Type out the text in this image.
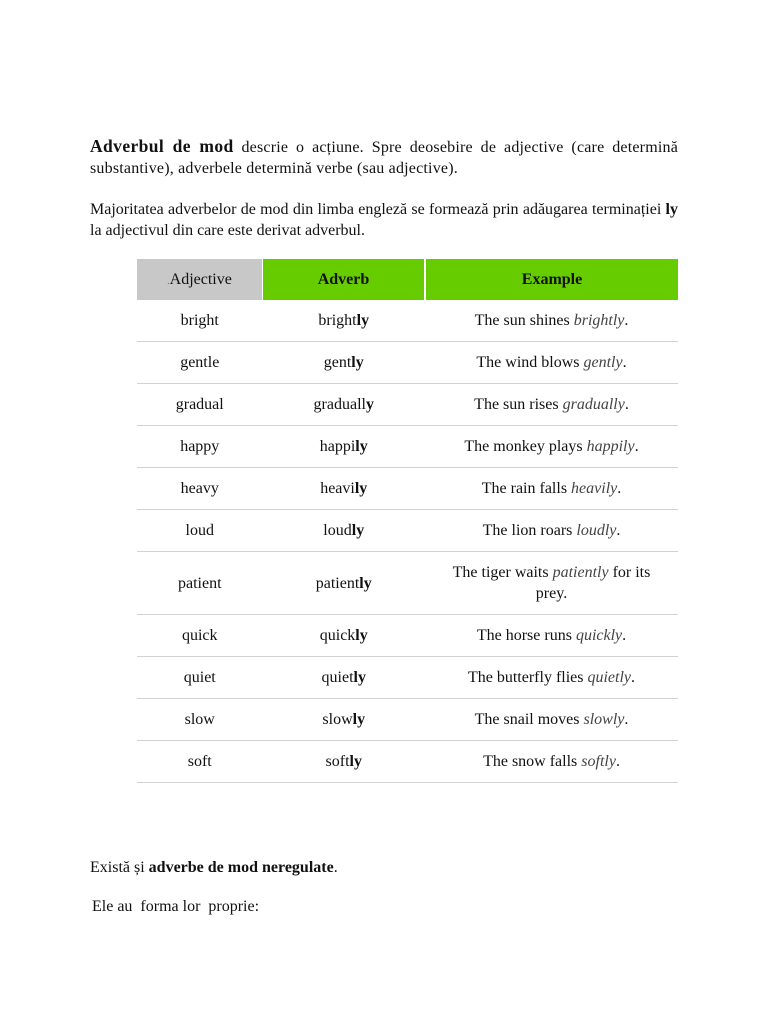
Adverbul de mod descrie o acțiune. Spre deosebire de adjective (care determină substantive), adverbele determină verbe (sau adjective).

Majoritatea adverbelor de mod din limba engleză se formează prin adăugarea terminației ly la adjectivul din care este derivat adverbul.

.Adjective	Adverb	Example
bright	brightly	The sun shines brightly.
gentle	gently	The wind blows gently.
gradual	gradually	The sun rises gradually.
happy	happily	The monkey plays happily.
heavy	heavily	The rain falls heavily.
loud	loudly	The lion roars loudly.
patient	patiently	The tiger waits patiently for its prey.
quick	quickly	The horse runs quickly.
quiet	quietly	The butterfly flies quietly.
slow	slowly	The snail moves slowly.
soft	softly	The snow falls softly.

Există și adverbe de mod neregulate.

Ele au  forma lor  proprie:
